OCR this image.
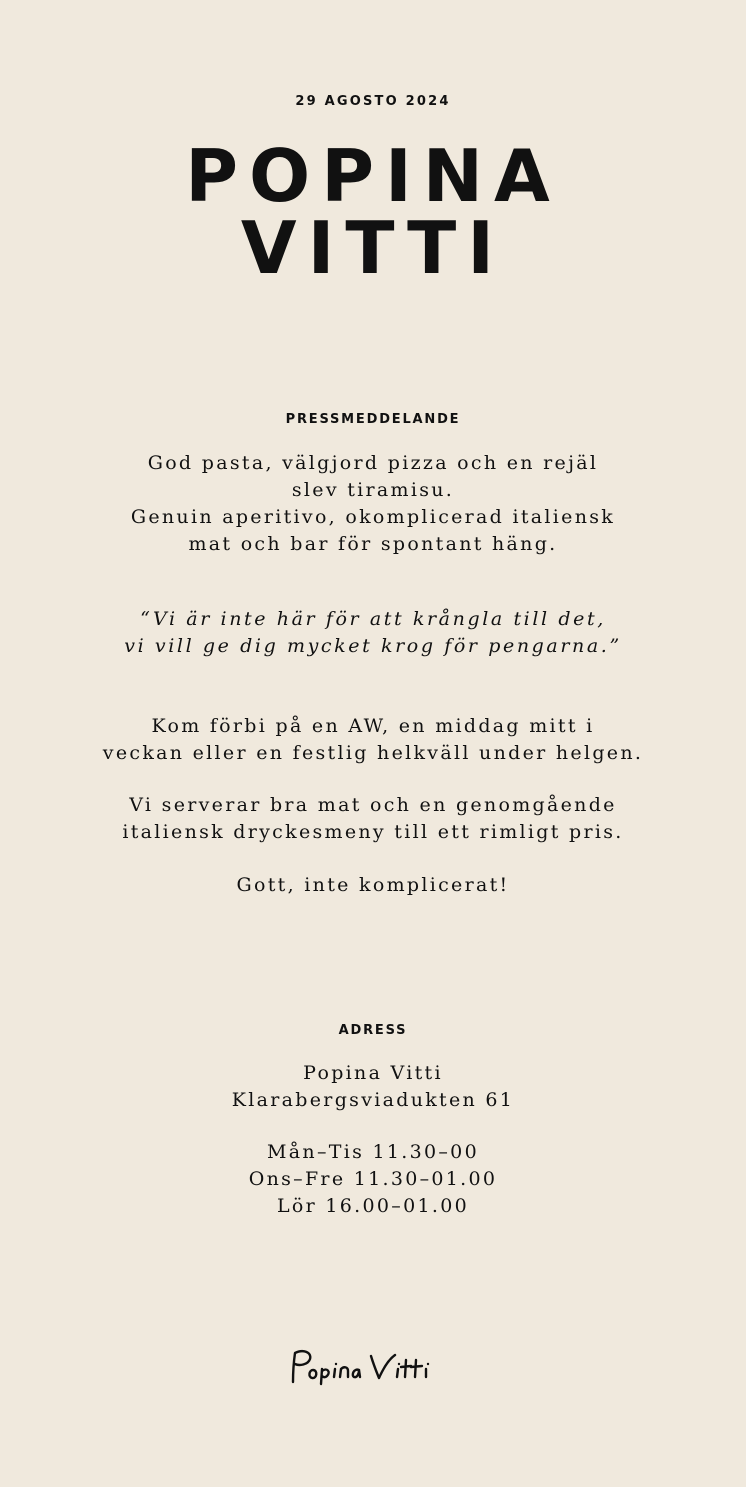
29 AGOSTO 2024
POPINA
VITTI
PRESSMEDDELANDE
God pasta, välgjord pizza och en rejäl
slev tiramisu.
Genuin aperitivo, okomplicerad italiensk
mat och bar för spontant häng.
“Vi är inte här för att krångla till det,
vi vill ge dig mycket krog för pengarna.”
Kom förbi på en AW, en middag mitt i
veckan eller en festlig helkväll under helgen.
Vi serverar bra mat och en genomgående
italiensk dryckesmeny till ett rimligt pris.
Gott, inte komplicerat!
ADRESS
Popina Vitti
Klarabergsviadukten 61
Mån–Tis 11.30–00
Ons–Fre 11.30–01.00
Lör 16.00–01.00
